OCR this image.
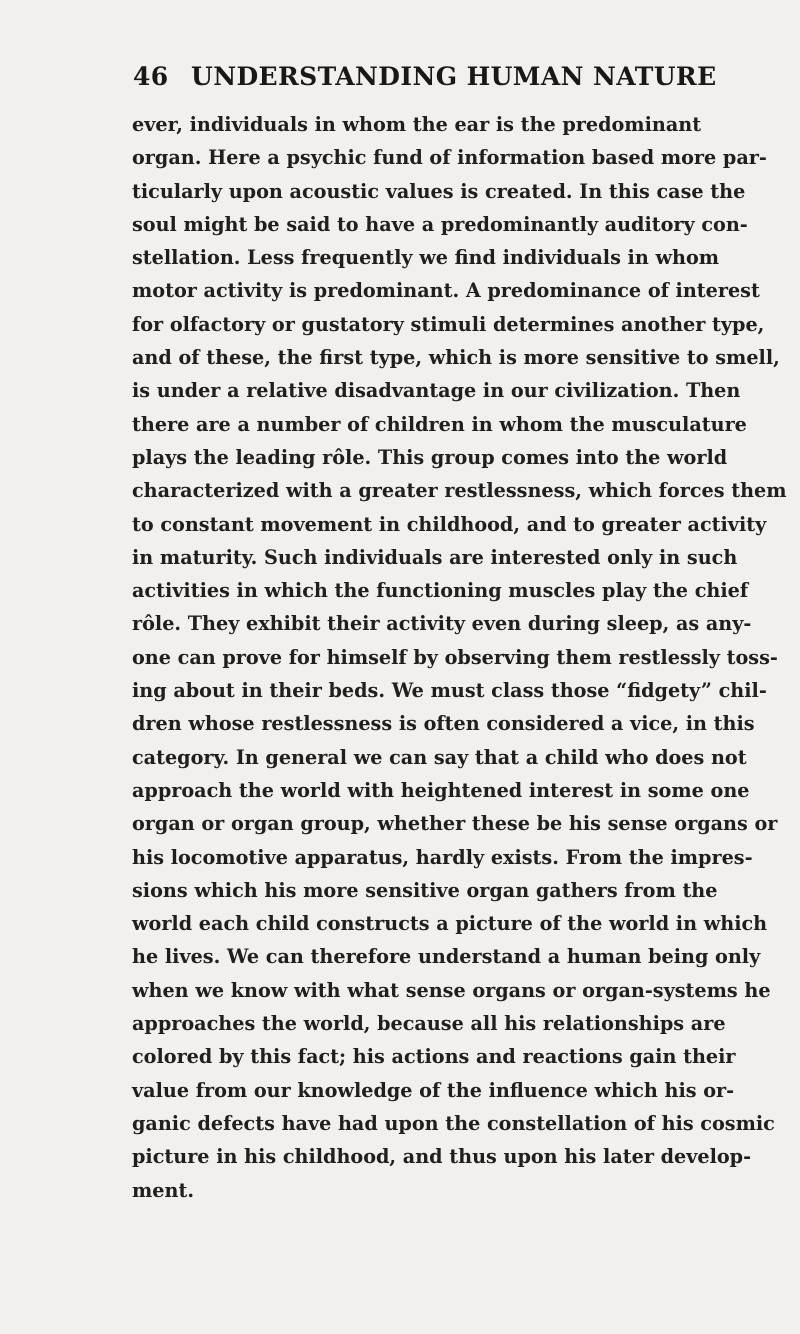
46 UNDERSTANDING HUMAN NATURE
ever, individuals in whom the ear is the predominant
organ. Here a psychic fund of information based more par-
ticularly upon acoustic values is created. In this case the
soul might be said to have a predominantly auditory con-
stellation. Less frequently we find individuals in whom
motor activity is predominant. A predominance of interest
for olfactory or gustatory stimuli determines another type,
and of these, the first type, which is more sensitive to smell,
is under a relative disadvantage in our civilization. Then
there are a number of children in whom the musculature
plays the leading rôle. This group comes into the world
characterized with a greater restlessness, which forces them
to constant movement in childhood, and to greater activity
in maturity. Such individuals are interested only in such
activities in which the functioning muscles play the chief
rôle. They exhibit their activity even during sleep, as any-
one can prove for himself by observing them restlessly toss-
ing about in their beds. We must class those “fidgety” chil-
dren whose restlessness is often considered a vice, in this
category. In general we can say that a child who does not
approach the world with heightened interest in some one
organ or organ group, whether these be his sense organs or
his locomotive apparatus, hardly exists. From the impres-
sions which his more sensitive organ gathers from the
world each child constructs a picture of the world in which
he lives. We can therefore understand a human being only
when we know with what sense organs or organ-systems he
approaches the world, because all his relationships are
colored by this fact; his actions and reactions gain their
value from our knowledge of the influence which his or-
ganic defects have had upon the constellation of his cosmic
picture in his childhood, and thus upon his later develop-
ment.
